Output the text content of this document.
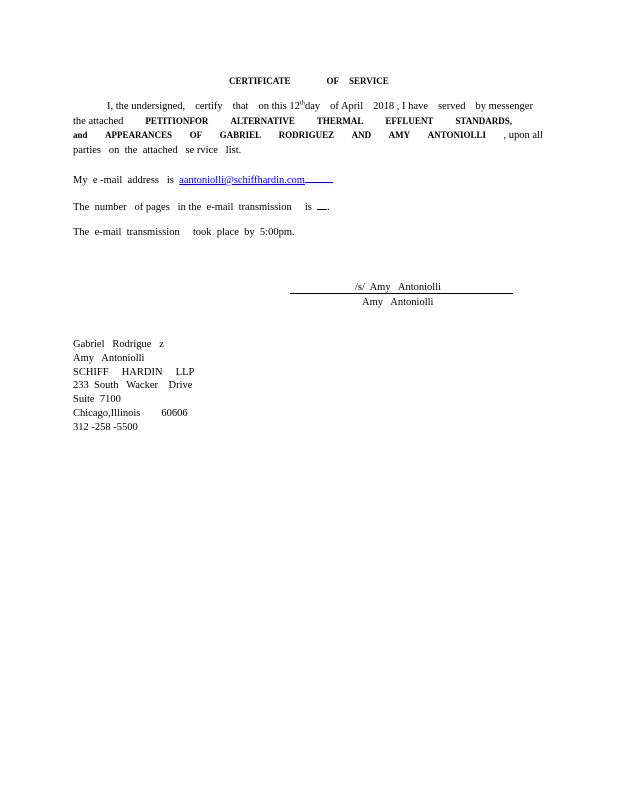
CERTIFICATE	OF SERVICE
I, the undersigned, certify that on this 12thday of April 2018 , I have served by messenger
the attached PETITIONFOR ALTERNATIVE THERMAL EFFLUENT STANDARDS,
and APPEARANCES OF GABRIEL RODRIGUEZ AND AMY ANTONIOLLI , upon all
parties   on  the  attached   se rvice   list.
My  e -mail  address   is aantoniolli@schiffhardin.com
The  number   of pages   in the  e-mail  transmission     is .
The  e-mail  transmission     took  place  by  5:00pm.
/s/  Amy   Antoniolli
Amy   Antoniolli
Gabriel   Rodrigue   z
Amy   Antoniolli
SCHIFF     HARDIN     LLP
233  South   Wacker    Drive
Suite  7100
Chicago,Illinois        60606
312 -258 -5500
